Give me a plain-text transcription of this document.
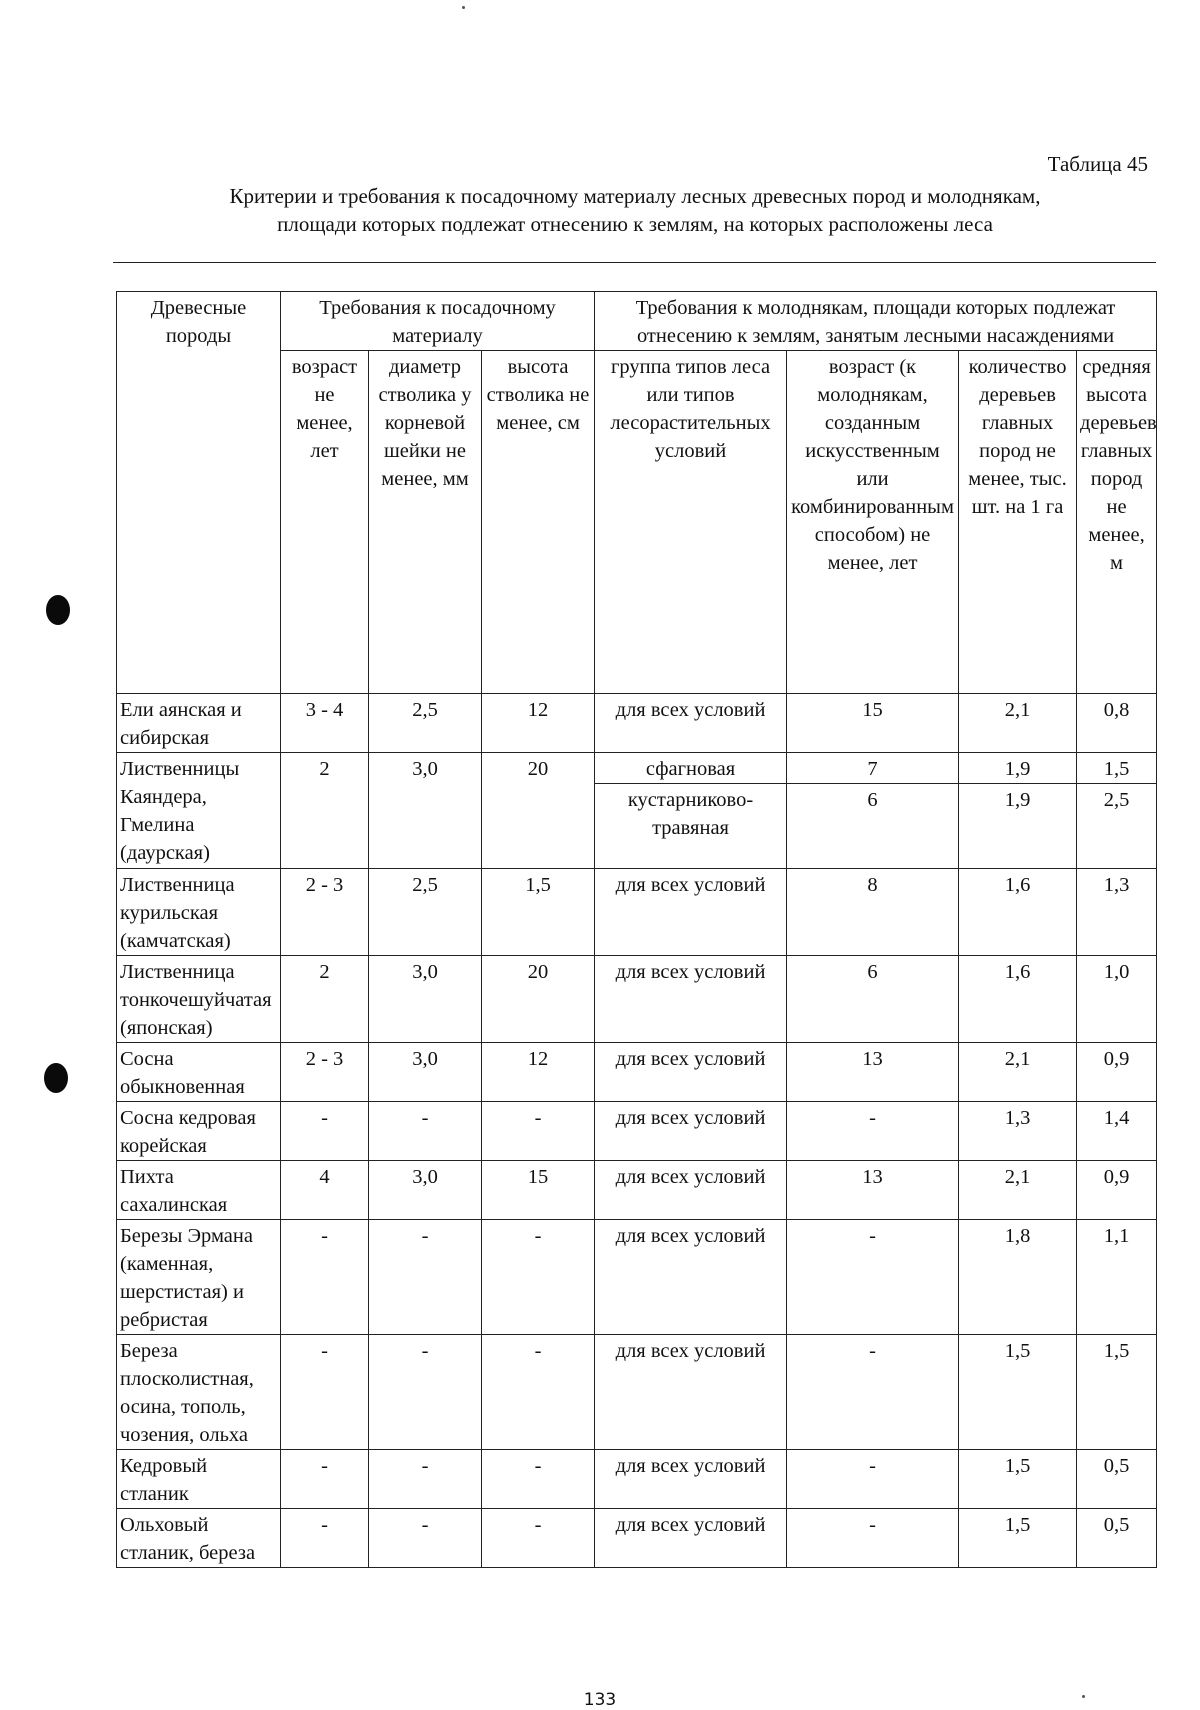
Таблица 45
Критерии и требования к посадочному материалу лесных древесных пород и молоднякам,
площади которых подлежат отнесению к землям, на которых расположены леса
Древесные породы	Требования к посадочному материалу			Требования к молоднякам, площади которых подлежат отнесению к землям, занятым лесными насаждениями			
	возраст не менее, лет	диаметр стволика у корневой шейки не менее, мм	высота стволика не менее, см	группа типов леса или типов лесорастительных условий	возраст (к молоднякам, созданным искусственным или комбинированным способом) не менее, лет	количество деревьев главных пород не менее, тыс. шт. на 1 га	средняя высота деревьев главных пород не менее, м
Ели аянская и сибирская	3 - 4	2,5	12	для всех условий	15	2,1	0,8
Лиственницы Каяндера, Гмелина (даурская)	2	3,0	20	сфагновая	7	1,9	1,5
				кустарниково-травяная	6	1,9	2,5
Лиственница курильская (камчатская)	2 - 3	2,5	1,5	для всех условий	8	1,6	1,3
Лиственница тонкочешуйчатая (японская)	2	3,0	20	для всех условий	6	1,6	1,0
Сосна обыкновенная	2 - 3	3,0	12	для всех условий	13	2,1	0,9
Сосна кедровая корейская	-	-	-	для всех условий	-	1,3	1,4
Пихта сахалинская	4	3,0	15	для всех условий	13	2,1	0,9
Березы Эрмана (каменная, шерстистая) и ребристая	-	-	-	для всех условий	-	1,8	1,1
Береза плосколистная, осина, тополь, чозения, ольха	-	-	-	для всех условий	-	1,5	1,5
Кедровый стланик	-	-	-	для всех условий	-	1,5	0,5
Ольховый стланик, береза	-	-	-	для всех условий	-	1,5	0,5
133
